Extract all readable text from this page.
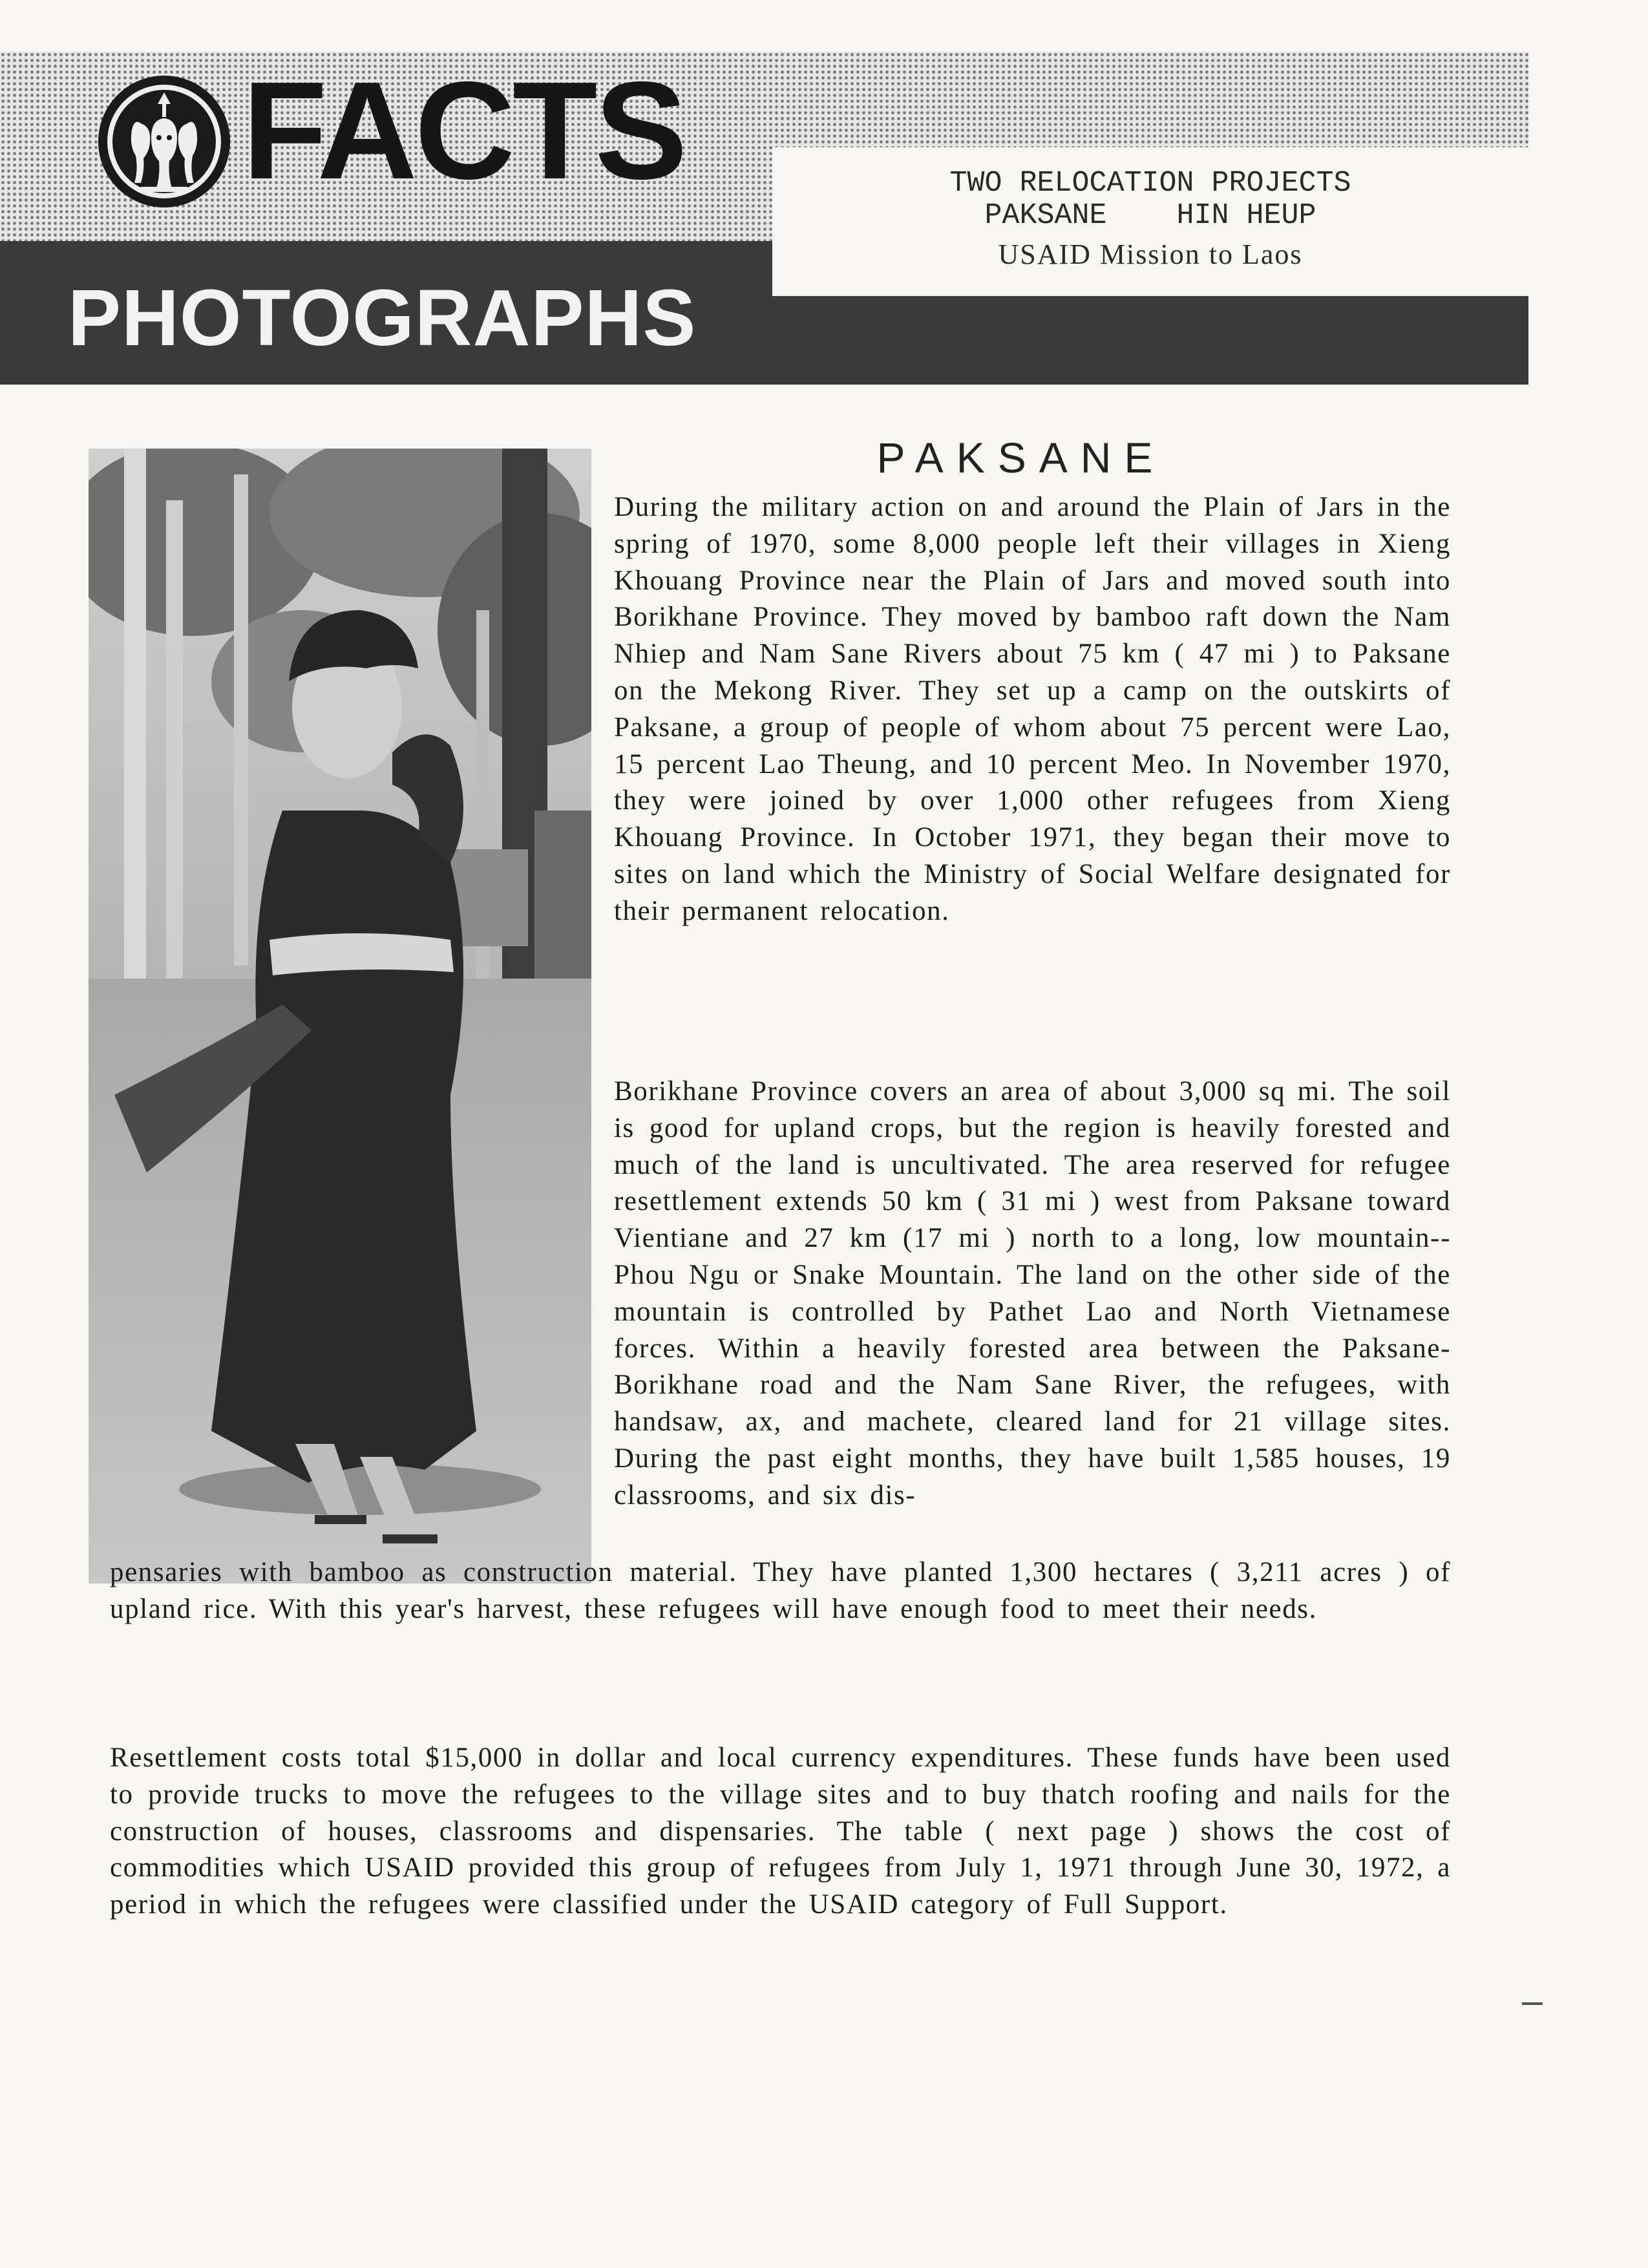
FACTS
PHOTOGRAPHS
TWO RELOCATION PROJECTS
PAKSANE    HIN HEUP
USAID Mission to Laos
PAKSANE
During the military action on and around the Plain of Jars in the spring of 1970, some 8,000 people left their villages in Xieng Khouang Province near the Plain of Jars and moved south into Borikhane Province. They moved by bamboo raft down the Nam Nhiep and Nam Sane Rivers about 75 km ( 47 mi ) to Paksane on the Mekong River. They set up a camp on the outskirts of Paksane, a group of people of whom about 75 percent were Lao, 15 percent Lao Theung, and 10 percent Meo. In November 1970, they were joined by over 1,000 other refugees from Xieng Khouang Province. In October 1971, they began their move to sites on land which the Ministry of Social Welfare designated for their permanent relocation.
Borikhane Province covers an area of about 3,000 sq mi. The soil is good for upland crops, but the region is heavily forested and much of the land is uncultivated. The area reserved for refugee resettlement extends 50 km ( 31 mi ) west from Paksane toward Vientiane and 27 km (17 mi ) north to a long, low mountain--Phou Ngu or Snake Mountain. The land on the other side of the mountain is controlled by Pathet Lao and North Vietnamese forces. Within a heavily forested area between the Paksane-Borikhane road and the Nam Sane River, the refugees, with handsaw, ax, and machete, cleared land for 21 village sites. During the past eight months, they have built 1,585 houses, 19 classrooms, and six dis-
pensaries with bamboo as construction material. They have planted 1,300 hectares ( 3,211 acres ) of upland rice. With this year's harvest, these refugees will have enough food to meet their needs.
Resettlement costs total $15,000 in dollar and local currency expenditures. These funds have been used to provide trucks to move the refugees to the village sites and to buy thatch roofing and nails for the construction of houses, classrooms and dispensaries. The table ( next page ) shows the cost of commodities which USAID provided this group of refugees from July 1, 1971 through June 30, 1972, a period in which the refugees were classified under the USAID category of Full Support.
